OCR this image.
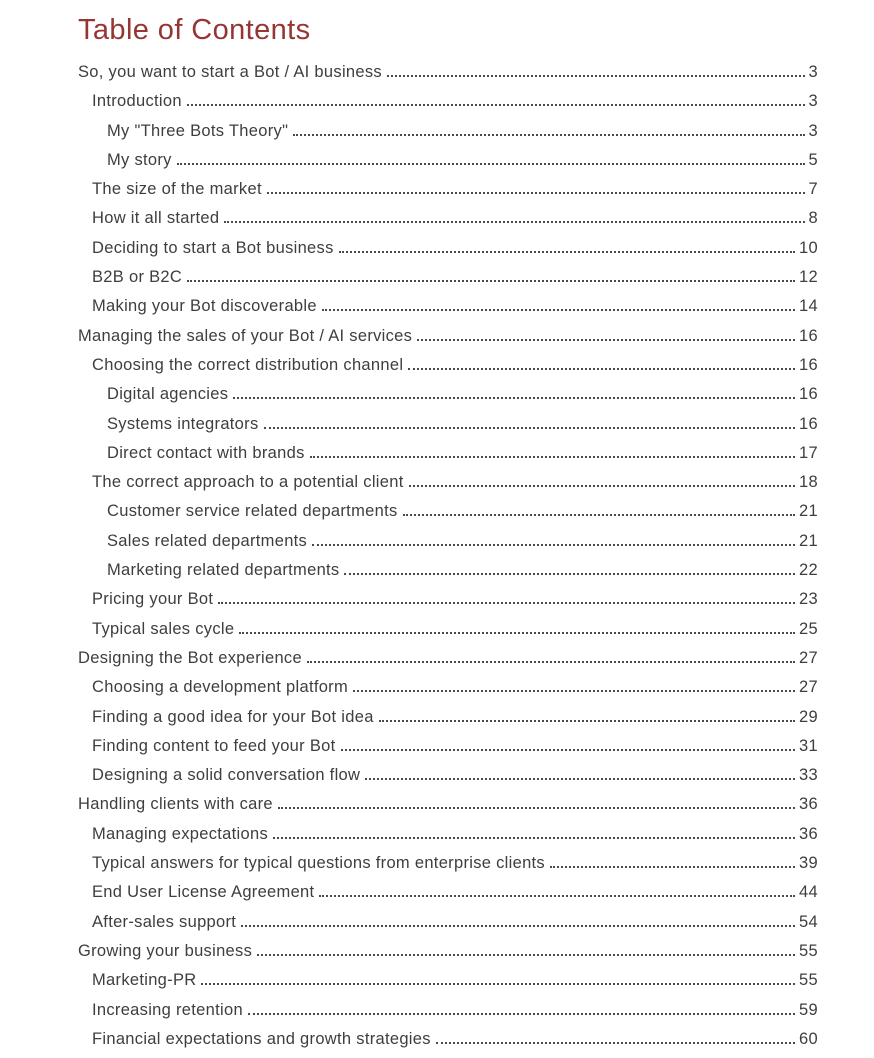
Table of Contents
So, you want to start a Bot / AI business	3
Introduction	3
My "Three Bots Theory"	3
My story	5
The size of the market	7
How it all started	8
Deciding to start a Bot business	10
B2B or B2C	12
Making your Bot discoverable	14
Managing the sales of your Bot / AI services	16
Choosing the correct distribution channel	16
Digital agencies	16
Systems integrators	16
Direct contact with brands	17
The correct approach to a potential client	18
Customer service related departments	21
Sales related departments	21
Marketing related departments	22
Pricing your Bot	23
Typical sales cycle	25
Designing the Bot experience	27
Choosing a development platform	27
Finding a good idea for your Bot idea	29
Finding content to feed your Bot	31
Designing a solid conversation flow	33
Handling clients with care	36
Managing expectations	36
Typical answers for typical questions from enterprise clients	39
End User License Agreement	44
After-sales support	54
Growing your business	55
Marketing-PR	55
Increasing retention	59
Financial expectations and growth strategies	60
